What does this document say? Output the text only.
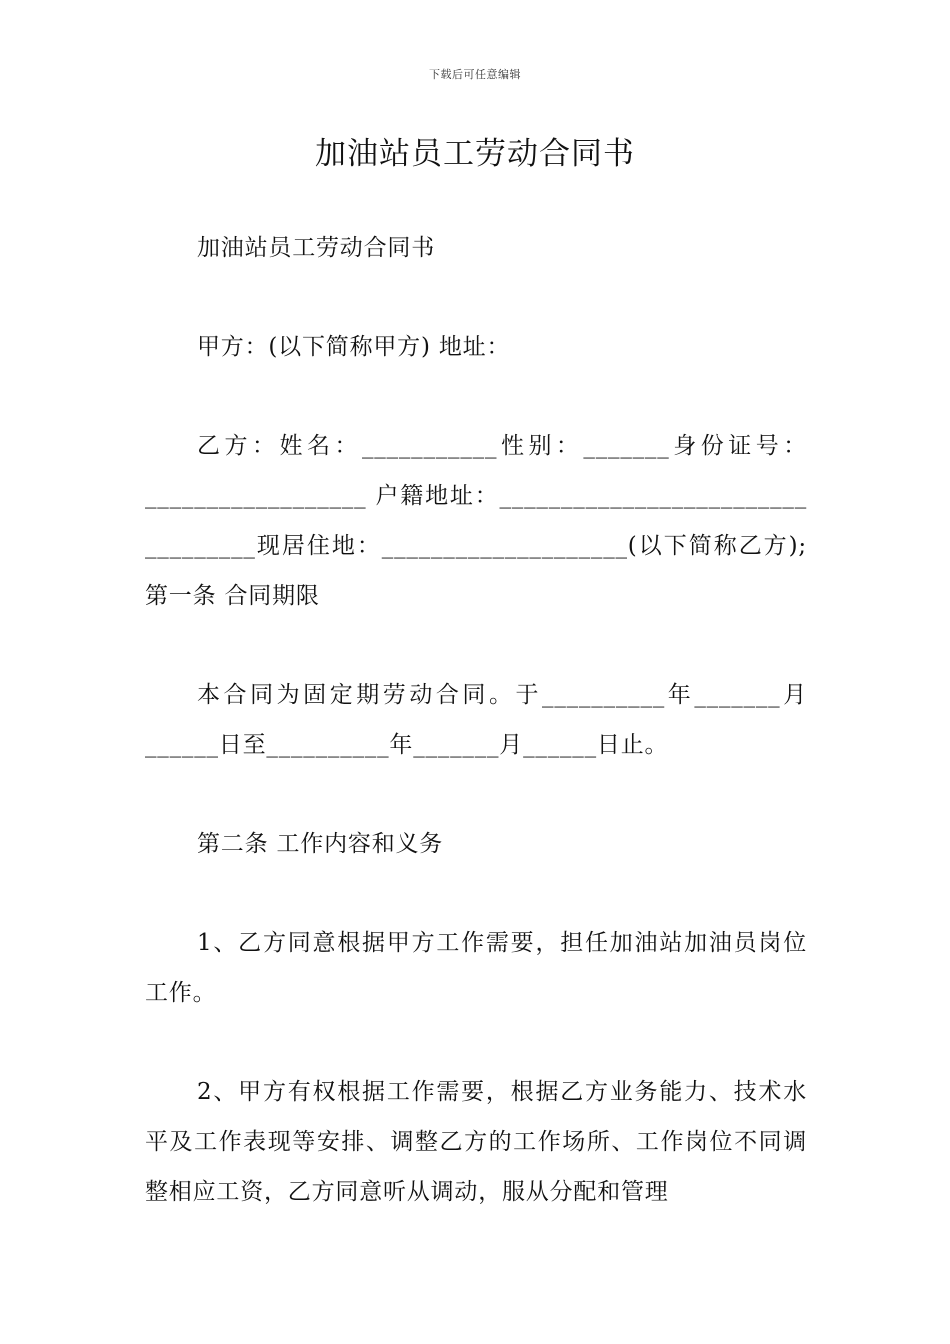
下载后可任意编辑
加油站员工劳动合同书

加油站员工劳动合同书

甲方：(以下简称甲方) 地址：

乙方：姓名：___________性别：_______身份证号：__________________ 户籍地址：_________________________ _________现居住地：____________________(以下简称乙方); 第一条 合同期限

本合同为固定期劳动合同。于__________年_______月______日至__________年_______月______日止。

第二条 工作内容和义务

1、乙方同意根据甲方工作需要，担任加油站加油员岗位工作。

2、甲方有权根据工作需要，根据乙方业务能力、技术水平及工作表现等安排、调整乙方的工作场所、工作岗位不同调整相应工资，乙方同意听从调动，服从分配和管理
